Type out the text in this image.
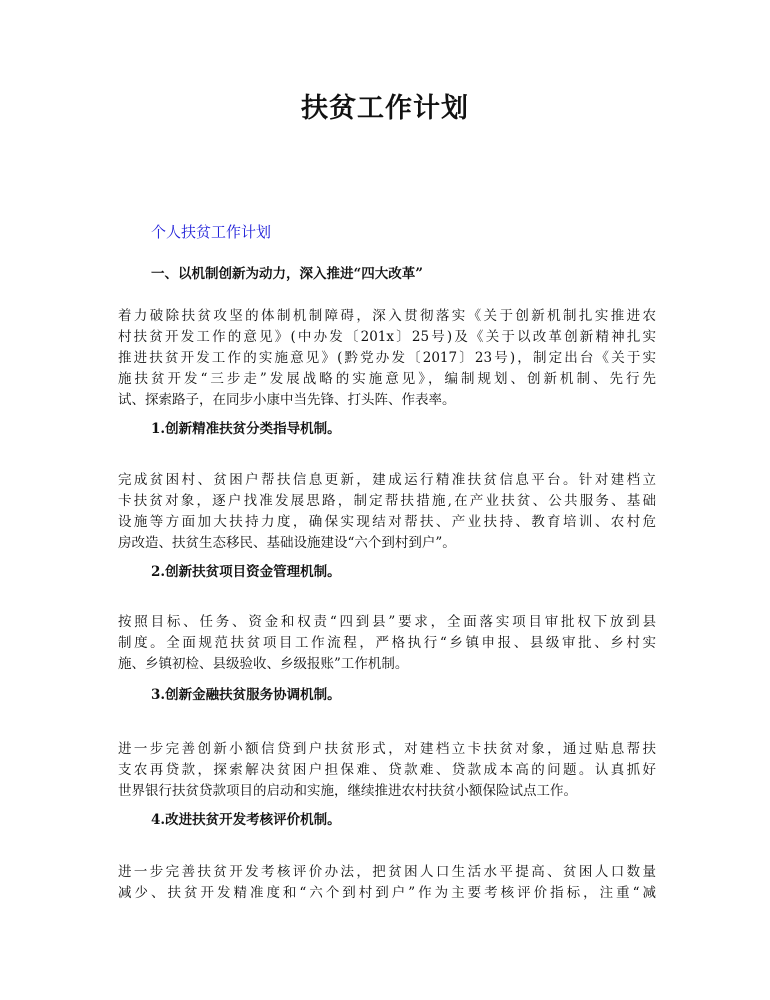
扶贫工作计划

个人扶贫工作计划

一、以机制创新为动力，深入推进“四大改革”

着力破除扶贫攻坚的体制机制障碍，深入贯彻落实《关于创新机制扎实推进农
村扶贫开发工作的意见》(中办发〔201x〕25号)及《关于以改革创新精神扎实
推进扶贫开发工作的实施意见》(黔党办发〔2017〕23号)，制定出台《关于实
施扶贫开发“三步走”发展战略的实施意见》，编制规划、创新机制、先行先
试、探索路子，在同步小康中当先锋、打头阵、作表率。

1.创新精准扶贫分类指导机制。

完成贫困村、贫困户帮扶信息更新，建成运行精准扶贫信息平台。针对建档立
卡扶贫对象，逐户找准发展思路，制定帮扶措施,在产业扶贫、公共服务、基础
设施等方面加大扶持力度，确保实现结对帮扶、产业扶持、教育培训、农村危
房改造、扶贫生态移民、基础设施建设“六个到村到户”。

2.创新扶贫项目资金管理机制。

按照目标、任务、资金和权责“四到县”要求，全面落实项目审批权下放到县
制度。全面规范扶贫项目工作流程，严格执行“乡镇申报、县级审批、乡村实
施、乡镇初检、县级验收、乡级报账”工作机制。

3.创新金融扶贫服务协调机制。

进一步完善创新小额信贷到户扶贫形式，对建档立卡扶贫对象，通过贴息帮扶
支农再贷款，探索解决贫困户担保难、贷款难、贷款成本高的问题。认真抓好
世界银行扶贫贷款项目的启动和实施，继续推进农村扶贫小额保险试点工作。

4.改进扶贫开发考核评价机制。

进一步完善扶贫开发考核评价办法，把贫困人口生活水平提高、贫困人口数量
减少、扶贫开发精准度和“六个到村到户”作为主要考核评价指标，注重“减
